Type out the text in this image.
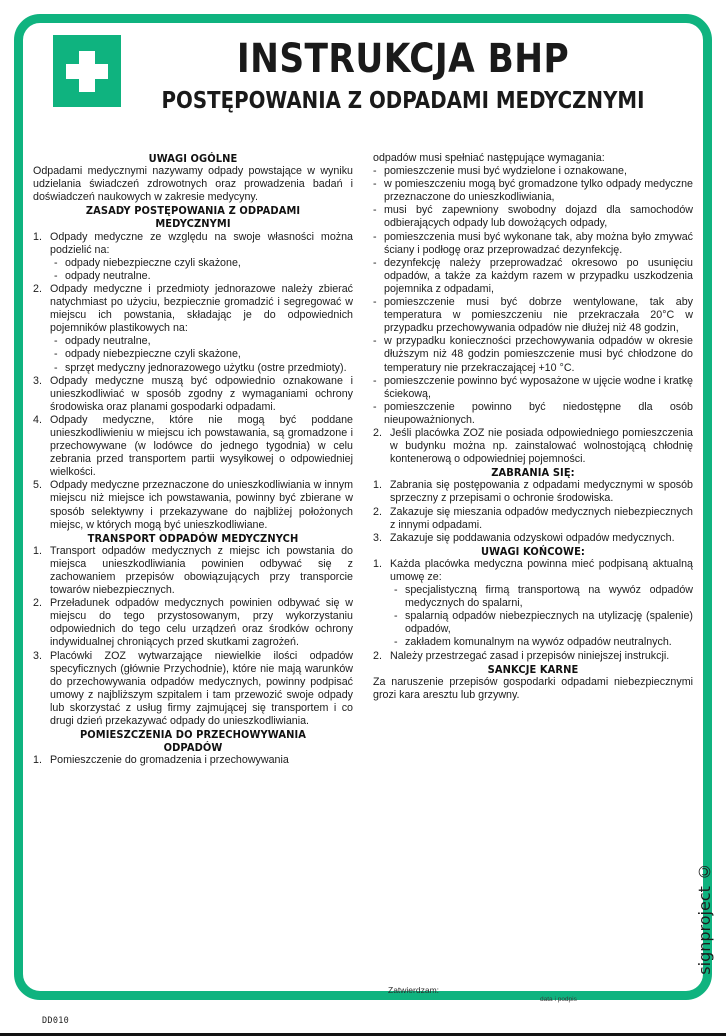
INSTRUKCJA BHP
POSTĘPOWANIA Z ODPADAMI MEDYCZNYMI
UWAGI OGÓLNE

Odpadami medycznymi nazywamy odpady powstające w wyniku udzielania świadczeń zdrowotnych oraz prowadzenia badań i doświadczeń naukowych w zakresie medycyny.

ZASADY POSTĘPOWANIA Z ODPADAMI MEDYCZNYMI
Odpady medyczne ze względu na swoje własności można podzielić na:
- odpady niebezpieczne czyli skażone,
- odpady neutralne.
Odpady medyczne i przedmioty jednorazowe należy zbierać natychmiast po użyciu, bezpiecznie gromadzić i segregować w miejscu ich powstania, składając je do odpowiednich pojemników plastikowych na:
- odpady neutralne,
- odpady niebezpieczne czyli skażone,
- sprzęt medyczny jednorazowego użytku (ostre przedmioty).
Odpady medyczne muszą być odpowiednio oznakowane i unieszkodliwiać w sposób zgodny z wymaganiami ochrony środowiska oraz planami gospodarki odpadami.
Odpady medyczne, które nie mogą być poddane unieszkodliwieniu w miejscu ich powstawania, są gromadzone i przechowywane (w lodówce do jednego tygodnia) w celu zebrania przed transportem partii wysyłkowej o odpowiedniej wielkości.
Odpady medyczne przeznaczone do unieszkodliwiania w innym miejscu niż miejsce ich powstawania, powinny być zbierane w sposób selektywny i przekazywane do najbliżej położonych miejsc, w których mogą być unieszkodliwiane.
TRANSPORT ODPADÓW MEDYCZNYCH
Transport odpadów medycznych z miejsc ich powstania do miejsca unieszkodliwiania powinien odbywać się z zachowaniem przepisów obowiązujących przy transporcie towarów niebezpiecznych.
Przeładunek odpadów medycznych powinien odbywać się w miejscu do tego przystosowanym, przy wykorzystaniu odpowiednich do tego celu urządzeń oraz środków ochrony indywidualnej chroniących przed skutkami zagrożeń.
Placówki ZOZ wytwarzające niewielkie ilości odpadów specyficznych (głównie Przychodnie), które nie mają warunków do przechowywania odpadów medycznych, powinny podpisać umowy z najbliższym szpitalem i tam przewozić swoje odpady lub skorzystać z usług firmy zajmującej się transportem i co drugi dzień przekazywać odpady do unieszkodliwiania.
POMIESZCZENIA DO PRZECHOWYWANIA ODPADÓW
Pomieszczenie do gromadzenia i przechowywania

odpadów musi spełniać następujące wymagania:

- pomieszczenie musi być wydzielone i oznakowane,
- w pomieszczeniu mogą być gromadzone tylko odpady medyczne przeznaczone do unieszkodliwiania,
- musi być zapewniony swobodny dojazd dla samochodów odbierających odpady lub dowożących odpady,
- pomieszczenia musi być wykonane tak, aby można było zmywać ściany i podłogę oraz przeprowadzać dezynfekcję.
- dezynfekcję należy przeprowadzać okresowo po usunięciu odpadów, a także za każdym razem w przypadku uszkodzenia pojemnika z odpadami,
- pomieszczenie musi być dobrze wentylowane, tak aby temperatura w pomieszczeniu nie przekraczała 20°C w przypadku przechowywania odpadów nie dłużej niż 48 godzin,
- w przypadku konieczności przechowywania odpadów w okresie dłuższym niż 48 godzin pomieszczenie musi być chłodzone do temperatury nie przekraczającej +10 °C.
- pomieszczenie powinno być wyposażone w ujęcie wodne i kratkę ściekową,
- pomieszczenie powinno być niedostępne dla osób nieupoważnionych.
2. Jeśli placówka ZOZ nie posiada odpowiedniego pomieszczenia w budynku można np. zainstalować wolnostojącą chłodnię kontenerową o odpowiedniej pojemności.
ZABRANIA SIĘ:
Zabrania się postępowania z odpadami medycznymi w sposób sprzeczny z przepisami o ochronie środowiska.
Zakazuje się mieszania odpadów medycznych niebezpiecznych z innymi odpadami.
Zakazuje się poddawania odzyskowi odpadów medycznych.
UWAGI KOŃCOWE:
Każda placówka medyczna powinna mieć podpisaną aktualną umowę ze:
- specjalistyczną firmą transportową na wywóz odpadów medycznych do spalarni,
- spalarnią odpadów niebezpiecznych na utylizację (spalenie) odpadów,
- zakładem komunalnym na wywóz odpadów neutralnych.
Należy przestrzegać zasad i przepisów niniejszej instrukcji.
SANKCJE KARNE

Za naruszenie przepisów gospodarki odpadami niebezpiecznymi grozi kara aresztu lub grzywny.

Zatwierdzam:
data i podpis
signproject ©
DD010
